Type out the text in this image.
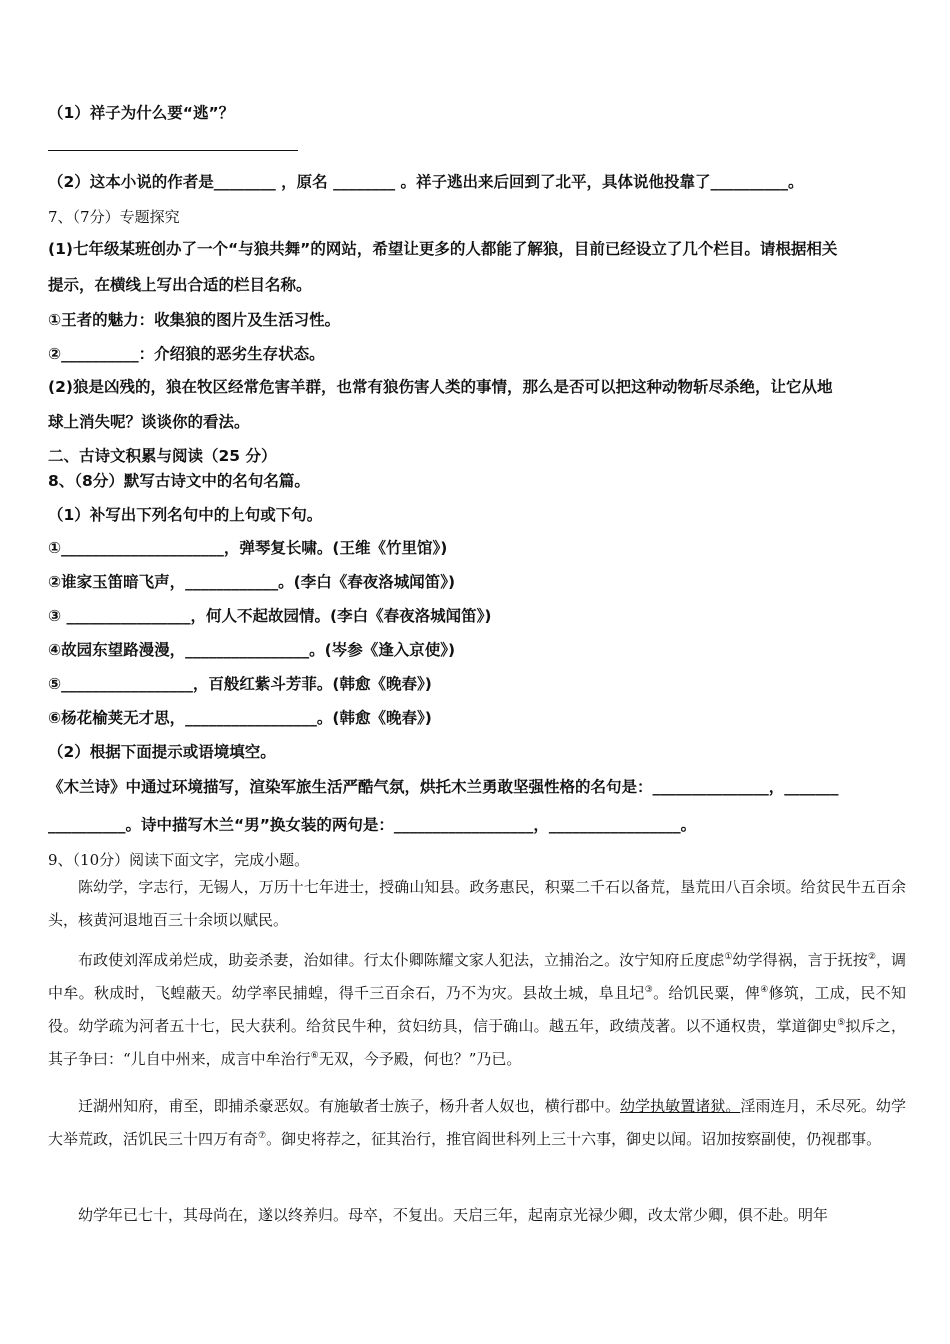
（1）祥子为什么要“逃”？
（2）这本小说的作者是________ ，原名 ________ 。祥子逃出来后回到了北平，具体说他投靠了__________。
7、（7分）专题探究
(1)七年级某班创办了一个“与狼共舞”的网站，希望让更多的人都能了解狼，目前已经设立了几个栏目。请根据相关
提示，在横线上写出合适的栏目名称。
①王者的魅力：收集狼的图片及生活习性。
②__________：介绍狼的恶劣生存状态。
(2)狼是凶残的，狼在牧区经常危害羊群，也常有狼伤害人类的事情，那么是否可以把这种动物斩尽杀绝，让它从地
球上消失呢？谈谈你的看法。
二、古诗文积累与阅读（25 分）
8、（8分）默写古诗文中的名句名篇。
（1）补写出下列名句中的上句或下句。
①_____________________，弹琴复长啸。(王维《竹里馆》)
②谁家玉笛暗飞声，____________。(李白《春夜洛城闻笛》)
③ ________________，何人不起故园情。(李白《春夜洛城闻笛》)
④故园东望路漫漫，________________。(岑参《逢入京使》)
⑤_________________，百般红紫斗芳菲。(韩愈《晚春》)
⑥杨花榆荚无才思，_________________。(韩愈《晚春》)
（2）根据下面提示或语境填空。
《木兰诗》中通过环境描写，渲染军旅生活严酷气氛，烘托木兰勇敢坚强性格的名句是：_______________，_______
__________。诗中描写木兰“男”换女装的两句是：__________________，_________________。
9、（10分）阅读下面文字，完成小题。
陈幼学，字志行，无锡人，万历十七年进士，授确山知县。政务惠民，积粟二千石以备荒，垦荒田八百余顷。给贫民牛五百余头，核黄河退地百三十余顷以赋民。
布政使刘浑成弟烂成，助妾杀妻，治如律。行太仆卿陈耀文家人犯法，立捕治之。汝宁知府丘度虑①幼学得祸，言于抚按②，调中牟。秋成时，飞蝗蔽天。幼学率民捕蝗，得千三百余石，乃不为灾。县故土城，阜且圮③。给饥民粟，俾④修筑，工成，民不知役。幼学疏为河者五十七，民大获利。给贫民牛种，贫妇纺具，信于确山。越五年，政绩茂著。以不通权贵，掌道御史⑤拟斥之，其子争曰：“儿自中州来，成言中牟治行⑥无双，今予殿，何也？”乃已。
迁湖州知府，甫至，即捕杀豪恶奴。有施敏者士族子，杨升者人奴也，横行郡中。幼学执敏置诸狱。淫雨连月，禾尽死。幼学大举荒政，活饥民三十四万有奇⑦。御史将荐之，征其治行，推官阎世科列上三十六事，御史以闻。诏加按察副使，仍视郡事。
幼学年已七十，其母尚在，遂以终养归。母卒，不复出。天启三年，起南京光禄少卿，改太常少卿，俱不赴。明年
